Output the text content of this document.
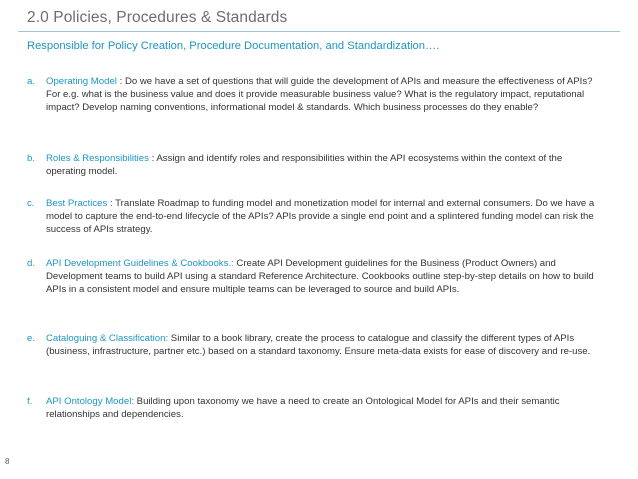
2.0 Policies, Procedures & Standards
Responsible for Policy Creation, Procedure Documentation, and Standardization….
a. Operating Model : Do we have a set of questions that will guide the development of APIs and measure the effectiveness of APIs? For e.g. what is the business value and does it provide measurable business value? What is the regulatory impact, reputational impact? Develop naming conventions, informational model & standards. Which business processes do they enable?
b. Roles & Responsibilities : Assign and identify roles and responsibilities within the API ecosystems within the context of the operating model.
c. Best Practices : Translate Roadmap to funding model and monetization model for internal and external consumers. Do we have a model to capture the end-to-end lifecycle of the APIs? APIs provide a single end point and a splintered funding model can risk the success of APIs strategy.
d. API Development Guidelines & Cookbooks.: Create API Development guidelines for the Business (Product Owners) and Development teams to build API using a standard Reference Architecture. Cookbooks outline step-by-step details on how to build APIs in a consistent model and ensure multiple teams can be leveraged to source and build APIs.
e. Cataloguing & Classification: Similar to a book library, create the process to catalogue and classify the different types of APIs (business, infrastructure, partner etc.) based on a standard taxonomy. Ensure meta-data exists for ease of discovery and re-use.
f. API Ontology Model: Building upon taxonomy we have a need to create an Ontological Model for APIs and their semantic relationships and dependencies.
8
